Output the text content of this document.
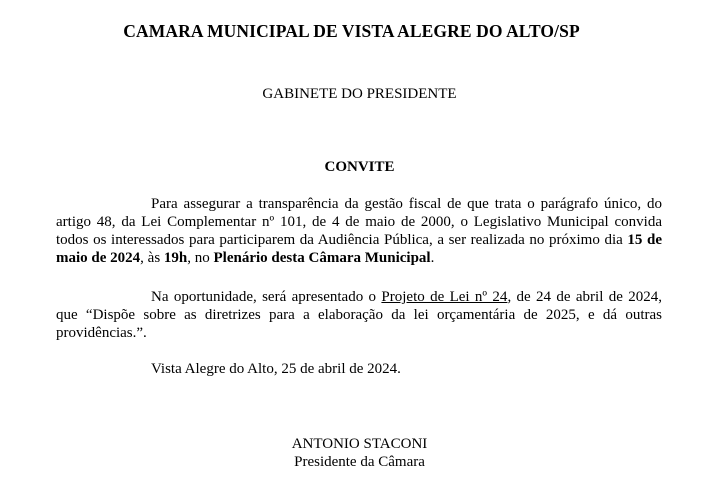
CAMARA MUNICIPAL DE VISTA ALEGRE DO ALTO/SP
GABINETE DO PRESIDENTE
CONVITE

Para assegurar a transparência da gestão fiscal de que trata o parágrafo único, do artigo 48, da Lei Complementar nº 101, de 4 de maio de 2000, o Legislativo Municipal convida todos os interessados para participarem da Audiência Pública, a ser realizada no próximo dia 15 de maio de 2024, às 19h, no Plenário desta Câmara Municipal.

Na oportunidade, será apresentado o Projeto de Lei nº 24, de 24 de abril de 2024, que “Dispõe sobre as diretrizes para a elaboração da lei orçamentária de 2025, e dá outras providências.”.

Vista Alegre do Alto, 25 de abril de 2024.
ANTONIO STACONI
Presidente da Câmara
